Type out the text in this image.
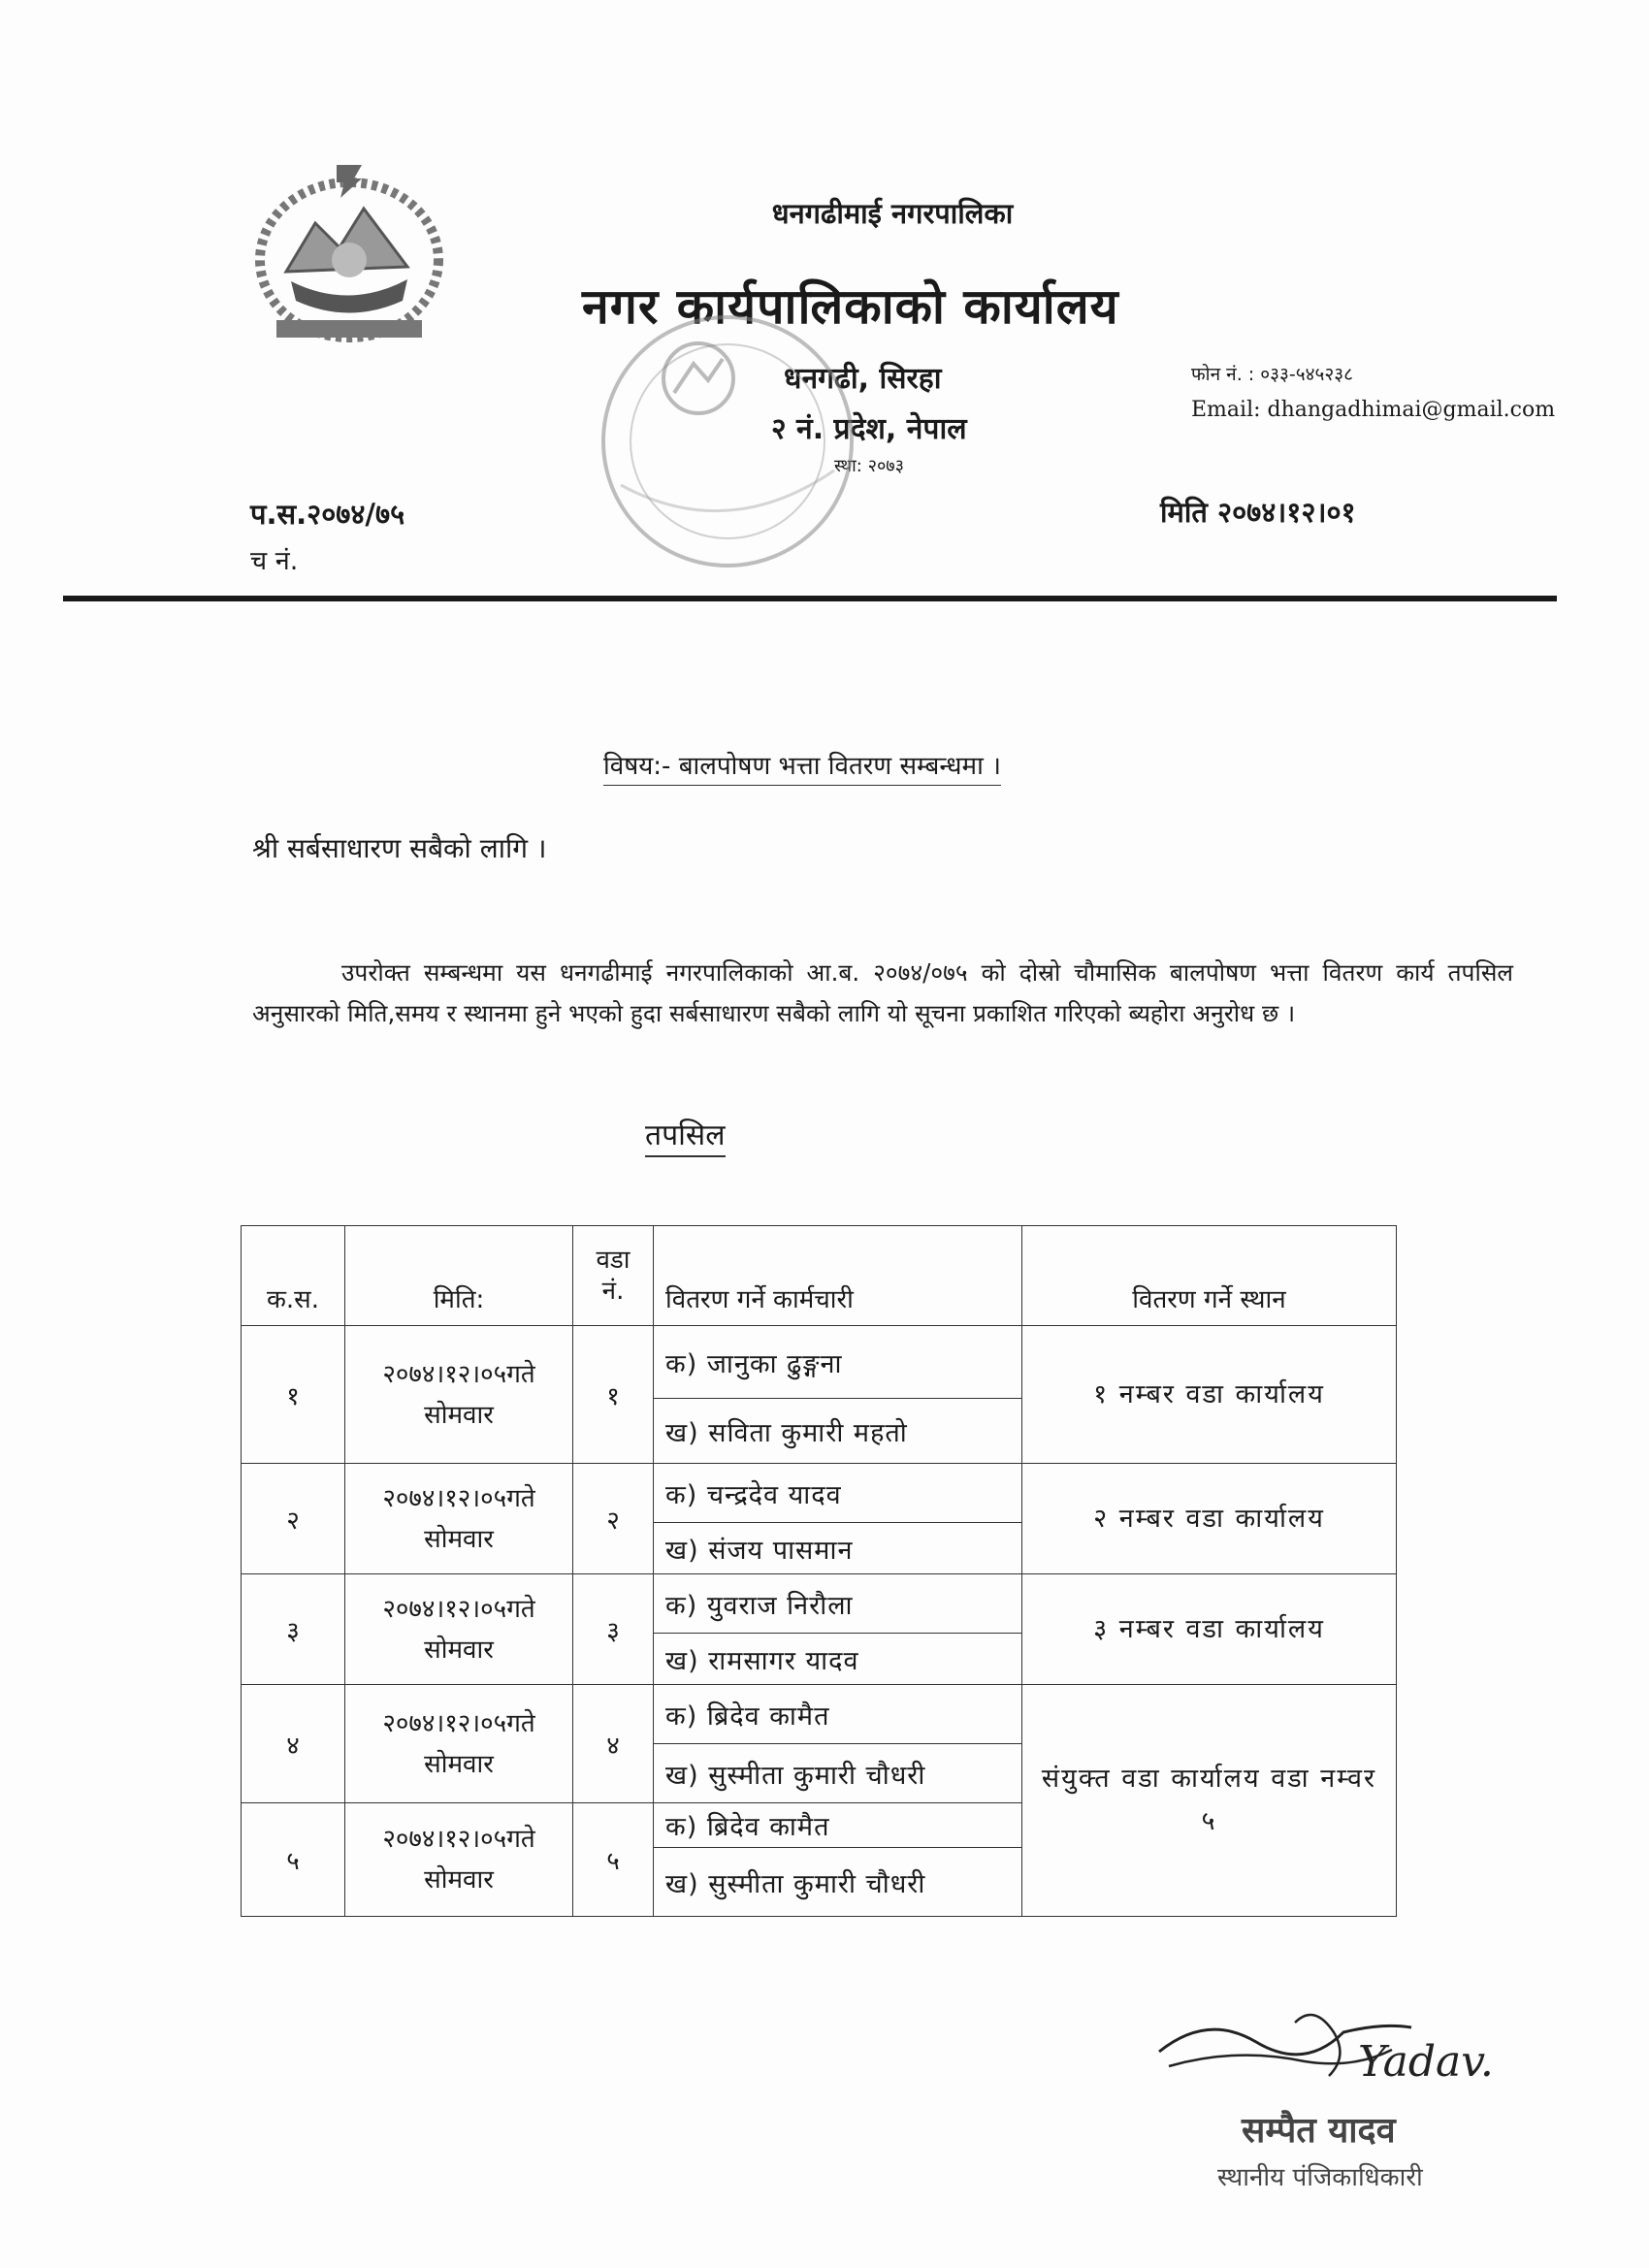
धनगढीमाई नगरपालिका
नगर कार्यपालिकाको कार्यालय
धनगढी, सिरहा
२ नं. प्रदेश, नेपाल
स्था: २०७३
फोन नं. : ०३३-५४५२३८
Email: dhangadhimai@gmail.com
प.स.२०७४/७५
च नं.
मिति २०७४।१२।०१
विषय:- बालपोषण भत्ता वितरण सम्बन्धमा ।
श्री सर्बसाधारण सबैको लागि ।
उपरोक्त सम्बन्धमा यस धनगढीमाई नगरपालिकाको आ.ब. २०७४/०७५ को दोस्रो चौमासिक बालपोषण भत्ता वितरण कार्य तपसिल अनुसारको मिति,समय र स्थानमा हुने भएको हुदा सर्बसाधारण सबैको लागि यो सूचना प्रकाशित गरिएको ब्यहोरा अनुरोध छ ।
तपसिल
क.स.	मिति:	वडा नं.	वितरण गर्ने कार्मचारी	वितरण गर्ने स्थान
१	२०७४।१२।०५गते
सोमवार	१	क) जानुका ढुङ्गना	१ नम्बर वडा कार्यालय
			ख) सविता कुमारी महतो	
२	२०७४।१२।०५गते
सोमवार	२	क) चन्द्रदेव यादव	२ नम्बर वडा कार्यालय
			ख) संजय पासमान	
३	२०७४।१२।०५गते
सोमवार	३	क) युवराज निरौला	३ नम्बर वडा कार्यालय
			ख) रामसागर यादव	
४	२०७४।१२।०५गते
सोमवार	४	क) ब्रिदेव कामैत	संयुक्त वडा कार्यालय वडा नम्वर ५
			ख) सुस्मीता कुमारी चौधरी	
५	२०७४।१२।०५गते
सोमवार	५	क) ब्रिदेव कामैत	
			ख) सुस्मीता कुमारी चौधरी	
Yadav.
सम्पैत यादव
स्थानीय पंजिकाधिकारी
